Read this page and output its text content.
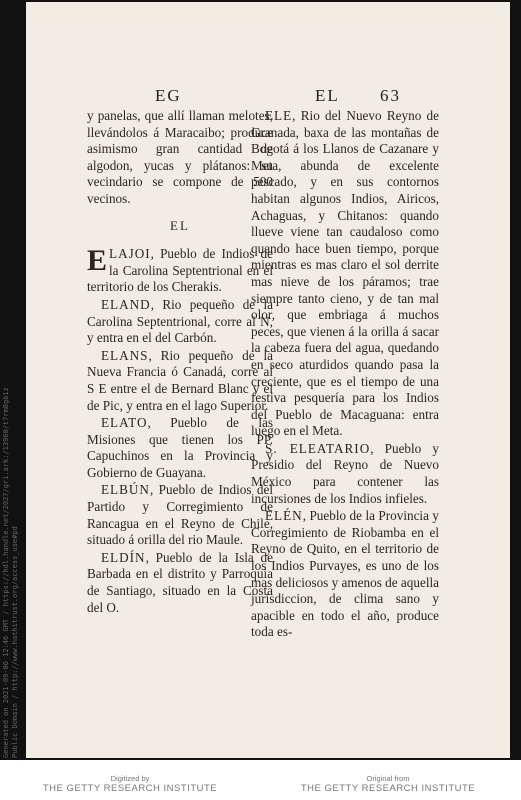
EG	EL 63

y panelas, que allí llaman melotes, llevándolos á Maracaibo; produce asimismo gran cantidad de algodon, yucas y plátanos: su vecindario se compone de 500 vecinos.

EL

ELAJOI, Pueblo de Indios de la Carolina Septentrional en el territorio de los Cherakis.

ELAND, Rio pequeño de la Carolina Septentrional, corre al N, y entra en el del Carbón.

ELANS, Rio pequeño de la Nueva Francia ó Canadá, corre al S E entre el de Bernard Blanc y el de Pic, y entra en el lago Superior.

ELATO, Pueblo de las Misiones que tienen los PP. Capuchinos en la Provincia y Gobierno de Guayana.

ELBÚN, Pueblo de Indios del Partido y Corregimiento de Rancagua en el Reyno de Chile, situado á orilla del rio Maule.

ELDÍN, Pueblo de la Isla de Barbada en el distrito y Parroquia de Santiago, situado en la Costa del O.

ELE, Rio del Nuevo Reyno de Granada, baxa de las montañas de Bogotá á los Llanos de Cazanare y Meta, abunda de excelente pescado, y en sus contornos habitan algunos Indios, Airicos, Achaguas, y Chitanos: quando llueve viene tan caudaloso como quando hace buen tiempo, porque mientras es mas claro el sol derrite mas nieve de los páramos; trae siempre tanto cieno, y de tan mal olor, que embriaga á muchos peces, que vienen á la orilla á sacar la cabeza fuera del agua, quedando en seco aturdidos quando pasa la creciente, que es el tiempo de una festiva pesquería para los Indios del Pueblo de Macaguana: entra luego en el Meta.

S. ELEATARIO, Pueblo y Presidio del Reyno de Nuevo México para contener las incursiones de los Indios infieles.

ELÉN, Pueblo de la Provincia y Corregimiento de Riobamba en el Reyno de Quito, en el territorio de los Indios Purvayes, es uno de los mas deliciosos y amenos de aquella jurisdiccion, de clima sano y apacible en todo el año, produce toda es-

Generated on 2021-09-06 12:46 GMT / https://hdl.handle.net/2027/gri.ark:/13960/t7rm8gb1z Public Domain / http://www.hathitrust.org/access_use#pd
Digitized by
THE GETTY RESEARCH INSTITUTE
Original from
THE GETTY RESEARCH INSTITUTE
